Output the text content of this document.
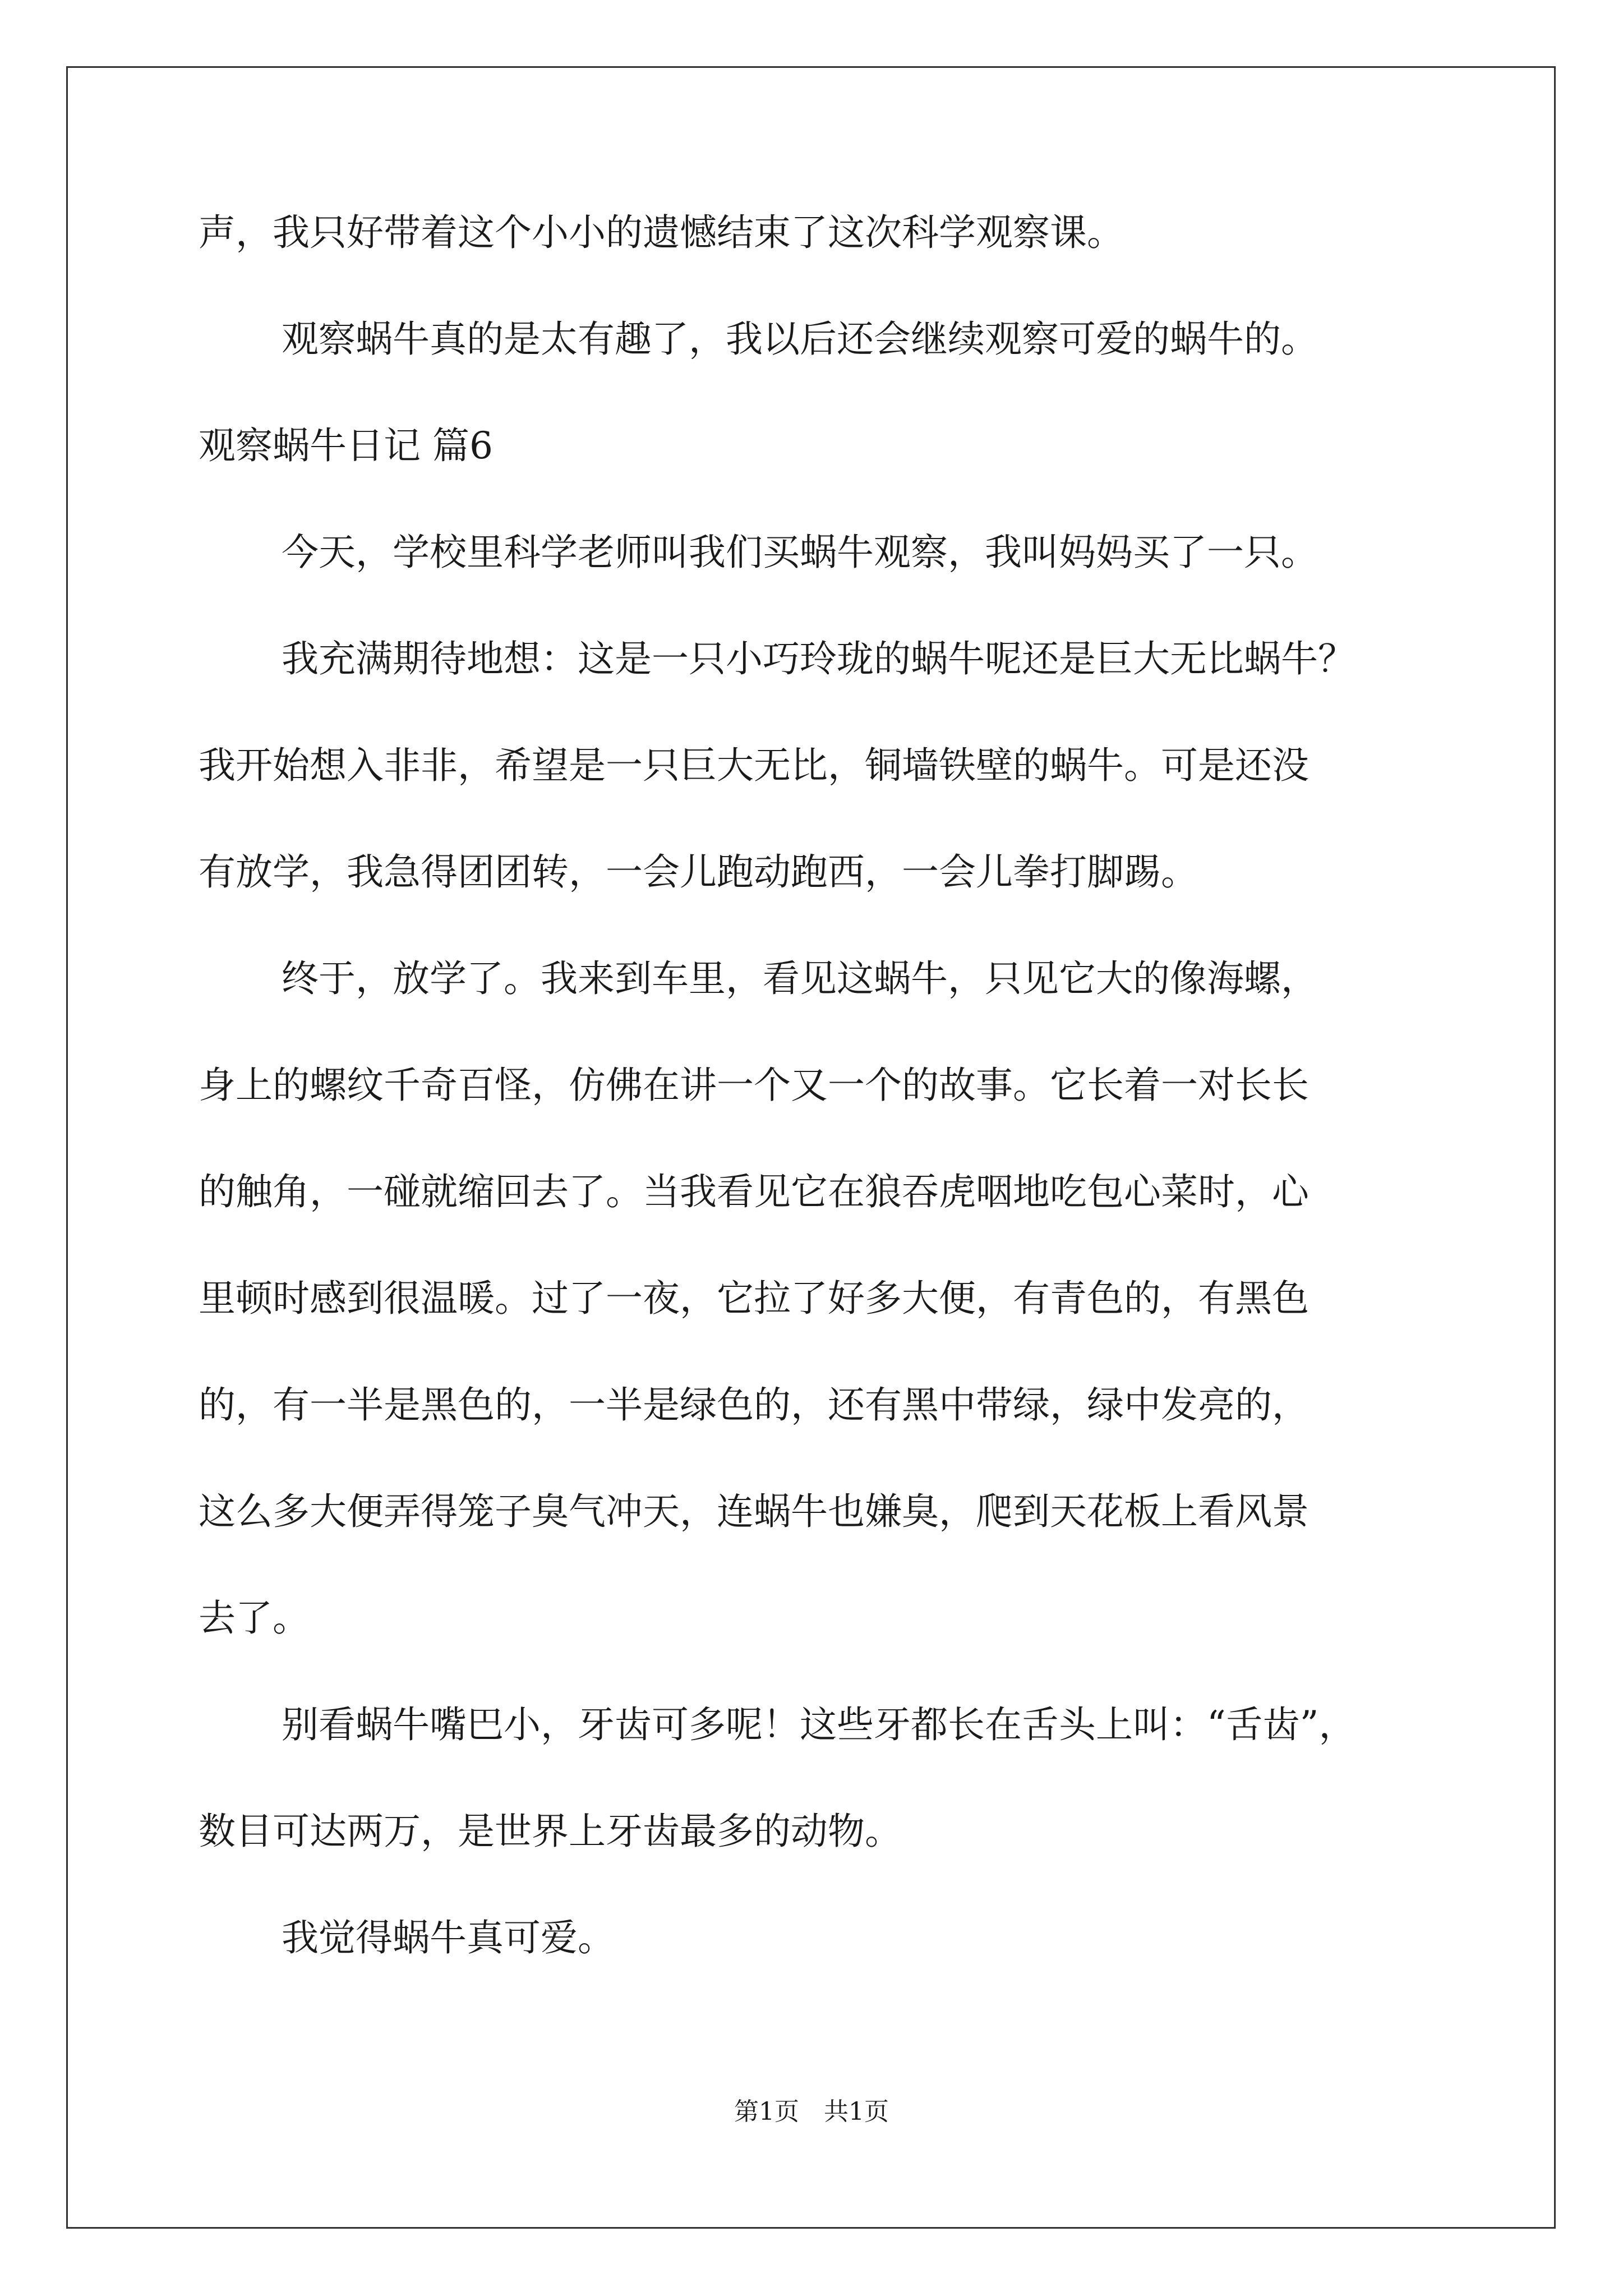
声，我只好带着这个小小的遗憾结束了这次科学观察课。
观察蜗牛真的是太有趣了，我以后还会继续观察可爱的蜗牛的。
观察蜗牛日记 篇6
今天，学校里科学老师叫我们买蜗牛观察，我叫妈妈买了一只。
我充满期待地想：这是一只小巧玲珑的蜗牛呢还是巨大无比蜗牛？
我开始想入非非，希望是一只巨大无比，铜墙铁壁的蜗牛。可是还没
有放学，我急得团团转，一会儿跑动跑西，一会儿拳打脚踢。
终于，放学了。我来到车里，看见这蜗牛，只见它大的像海螺，
身上的螺纹千奇百怪，仿佛在讲一个又一个的故事。它长着一对长长
的触角，一碰就缩回去了。当我看见它在狼吞虎咽地吃包心菜时，心
里顿时感到很温暖。过了一夜，它拉了好多大便，有青色的，有黑色
的，有一半是黑色的，一半是绿色的，还有黑中带绿，绿中发亮的，
这么多大便弄得笼子臭气冲天，连蜗牛也嫌臭，爬到天花板上看风景
去了。
别看蜗牛嘴巴小，牙齿可多呢！这些牙都长在舌头上叫：“舌齿”，
数目可达两万，是世界上牙齿最多的动物。
我觉得蜗牛真可爱。
第1页　共1页
